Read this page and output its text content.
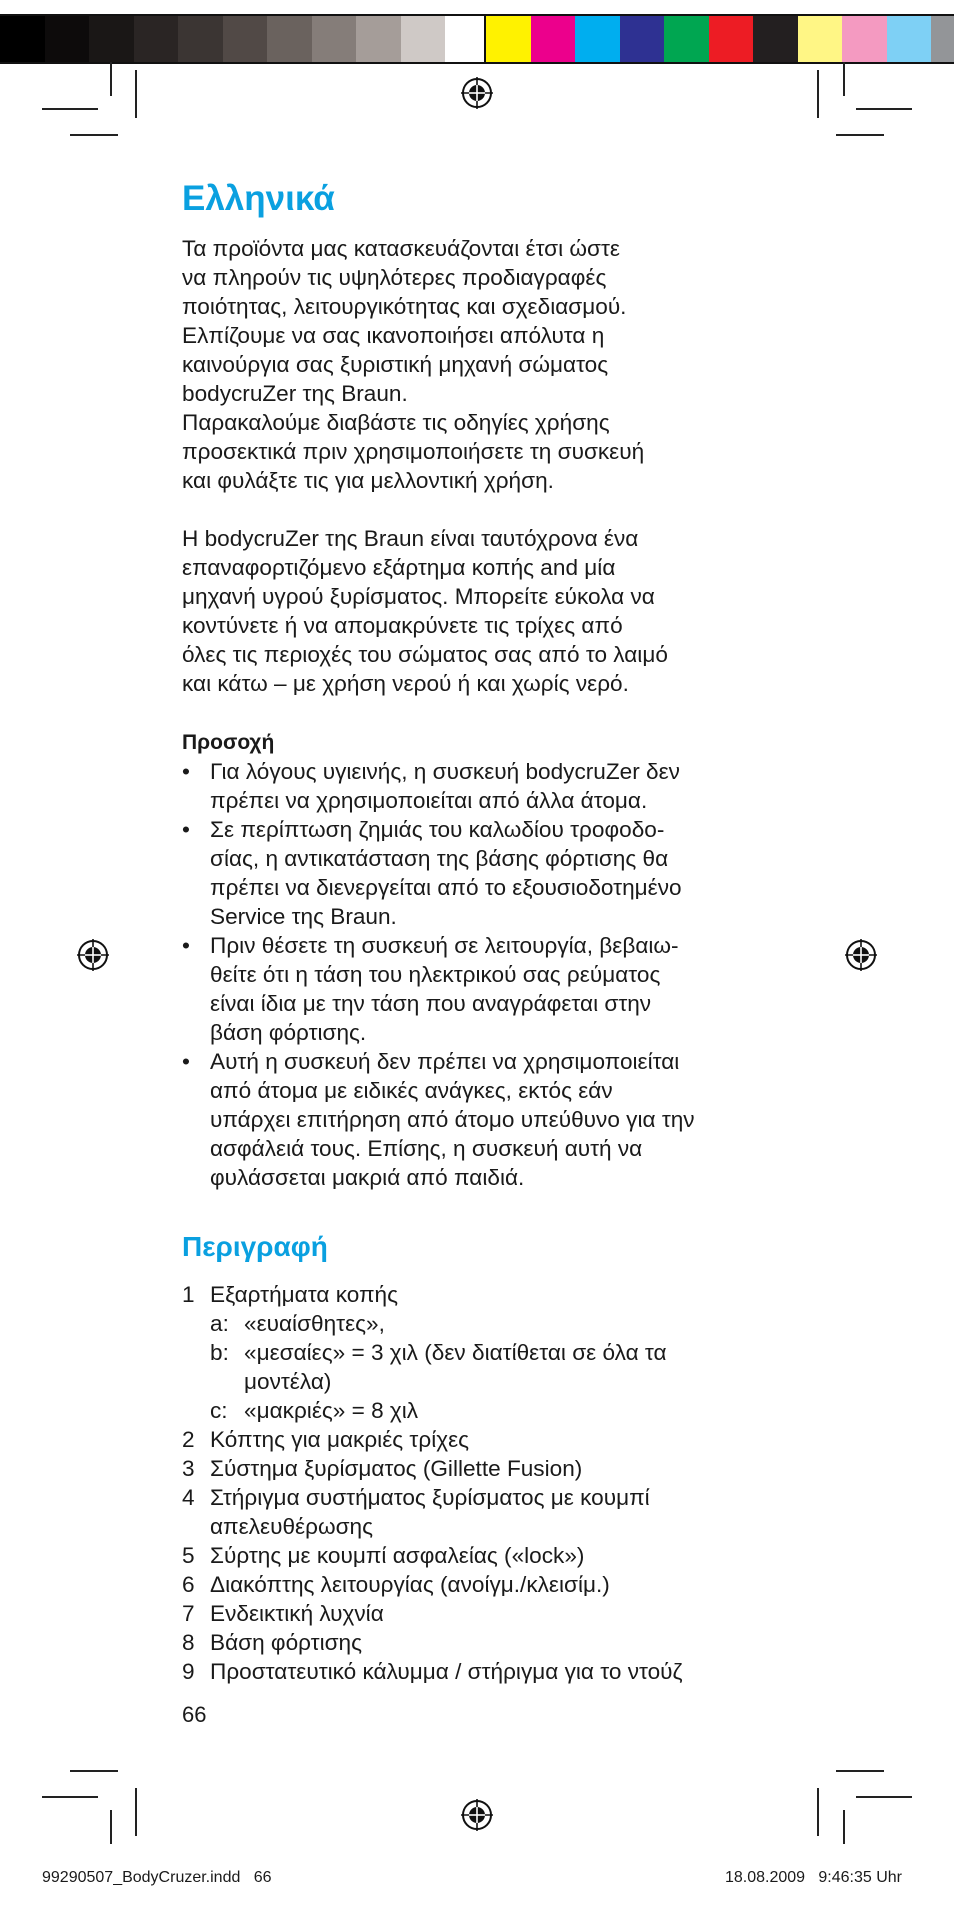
Ελληνικά

Τα προϊόντα μας κατασκευάζονται έτσι ώστε
να πληρούν τις υψηλότερες προδιαγραφές
ποιότητας, λειτουργικότητας και σχεδιασμού.
Ελπίζουμε να σας ικανοποιήσει απόλυτα η
καινούργια σας ξυριστική μηχανή σώματος
bodycruZer της Braun.
Παρακαλούμε διαβάστε τις οδηγίες χρήσης
προσεκτικά πριν χρησιμοποιήσετε τη συσκευή
και φυλάξτε τις για μελλοντική χρήση.

Η bodycruZer της Braun είναι ταυτόχρονα ένα
επαναφορτιζόμενο εξάρτημα κοπής and μία
μηχανή υγρού ξυρίσματος. Μπορείτε εύκολα να
κοντύνετε ή να απομακρύνετε τις τρίχες από
όλες τις περιοχές του σώματος σας από το λαιμό
και κάτω – με χρήση νερού ή και χωρίς νερό.

Προσοχή
• Για λόγους υγιεινής, η συσκευή bodycruZer δεν
πρέπει να χρησιμοποιείται από άλλα άτομα.
• Σε περίπτωση ζημιάς του καλωδίου τροφοδο-
σίας, η αντικατάσταση της βάσης φόρτισης θα
πρέπει να διενεργείται από το εξουσιοδοτημένο
Service της Braun.
• Πριν θέσετε τη συσκευή σε λειτουργία, βεβαιω-
θείτε ότι η τάση του ηλεκτρικού σας ρεύματος
είναι ίδια με την τάση που αναγράφεται στην
βάση φόρτισης.
• Αυτή η συσκευή δεν πρέπει να χρησιμοποιείται
από άτομα με ειδικές ανάγκες, εκτός εάν
υπάρχει επιτήρηση από άτομο υπεύθυνο για την
ασφάλειά τους. Επίσης, η συσκευή αυτή να
φυλάσσεται μακριά από παιδιά.
Περιγραφή
1 Εξαρτήματα κοπής
a: «ευαίσθητες»,
b: «μεσαίες» = 3 χιλ (δεν διατίθεται σε όλα τα
μοντέλα)
c: «μακριές» = 8 χιλ
2 Κόπτης για μακριές τρίχες
3 Σύστημα ξυρίσματος (Gillette Fusion)
4 Στήριγμα συστήματος ξυρίσματος με κουμπί
απελευθέρωσης
5 Σύρτης με κουμπί ασφαλείας («lock»)
6 Διακόπτης λειτουργίας (ανοίγμ./κλεισίμ.)
7 Ενδεικτική λυχνία
8 Βάση φόρτισης
9 Προστατευτικό κάλυμμα / στήριγμα για το ντούζ
66
99290507_BodyCruzer.indd   66	18.08.2009   9:46:35 Uhr
